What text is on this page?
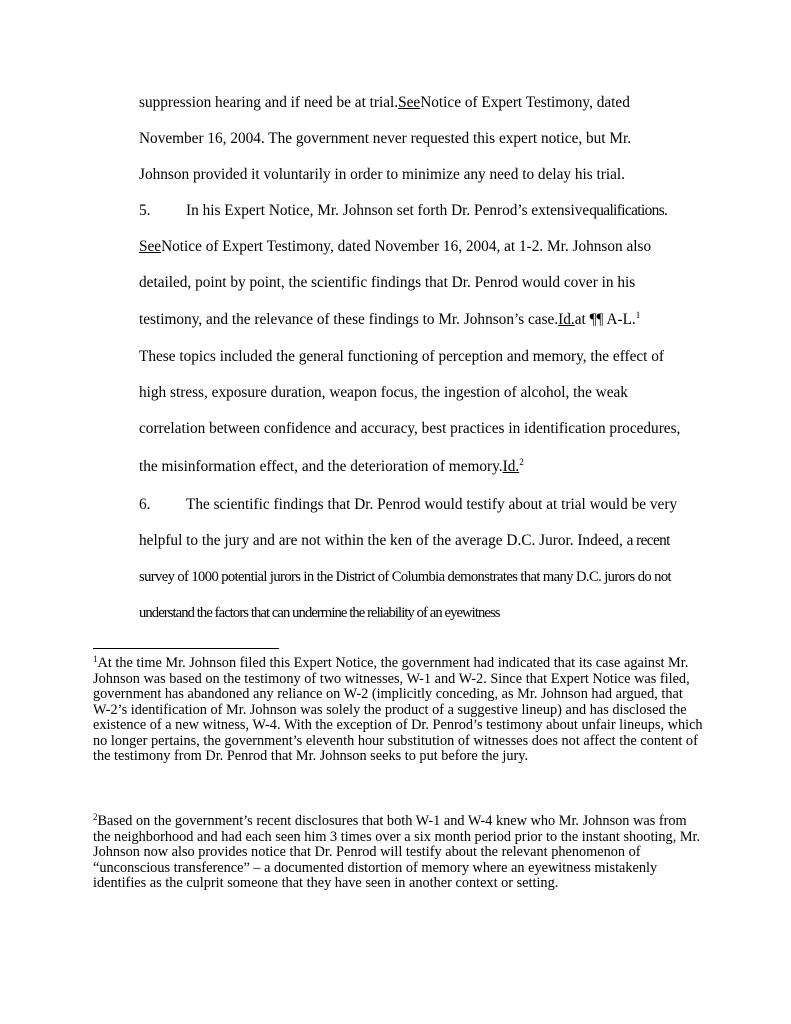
suppression hearing and if need be at trial.SeeNotice of Expert Testimony, dated
November 16, 2004. The government never requested this expert notice, but Mr.
Johnson provided it voluntarily in order to minimize any need to delay his trial.
5. In his Expert Notice, Mr. Johnson set forth Dr. Penrod’s extensivequalifications.
SeeNotice of Expert Testimony, dated November 16, 2004, at 1-2. Mr. Johnson also
detailed, point by point, the scientific findings that Dr. Penrod would cover in his
testimony, and the relevance of these findings to Mr. Johnson’s case.Id.at ¶¶ A-L.$^1$
These topics included the general functioning of perception and memory, the effect of
high stress, exposure duration, weapon focus, the ingestion of alcohol, the weak
correlation between confidence and accuracy, best practices in identification procedures,
the misinformation effect, and the deterioration of memory.Id.$^2$
6. The scientific findings that Dr. Penrod would testify about at trial would be very
helpful to the jury and are not within the ken of the average D.C. Juror. Indeed, a recent
survey of 1000 potential jurors in the District of Columbia demonstrates that many D.C. jurors do not
understand the factors that can undermine the reliability of an eyewitness
$^1$At the time Mr. Johnson filed this Expert Notice, the government had indicated that its case against Mr. Johnson was based on the testimony of two witnesses, W-1 and W-2. Since that Expert Notice was filed, government has abandoned any reliance on W-2 (implicitly conceding, as Mr. Johnson had argued, that W-2’s identification of Mr. Johnson was solely the product of a suggestive lineup) and has disclosed the existence of a new witness, W-4. With the exception of Dr. Penrod’s testimony about unfair lineups, which no longer pertains, the government’s eleventh hour substitution of witnesses does not affect the content of the testimony from Dr. Penrod that Mr. Johnson seeks to put before the jury.
$^2$Based on the government’s recent disclosures that both W-1 and W-4 knew who Mr. Johnson was from the neighborhood and had each seen him 3 times over a six month period prior to the instant shooting, Mr. Johnson now also provides notice that Dr. Penrod will testify about the relevant phenomenon of “unconscious transference” – a documented distortion of memory where an eyewitness mistakenly identifies as the culprit someone that they have seen in another context or setting.
